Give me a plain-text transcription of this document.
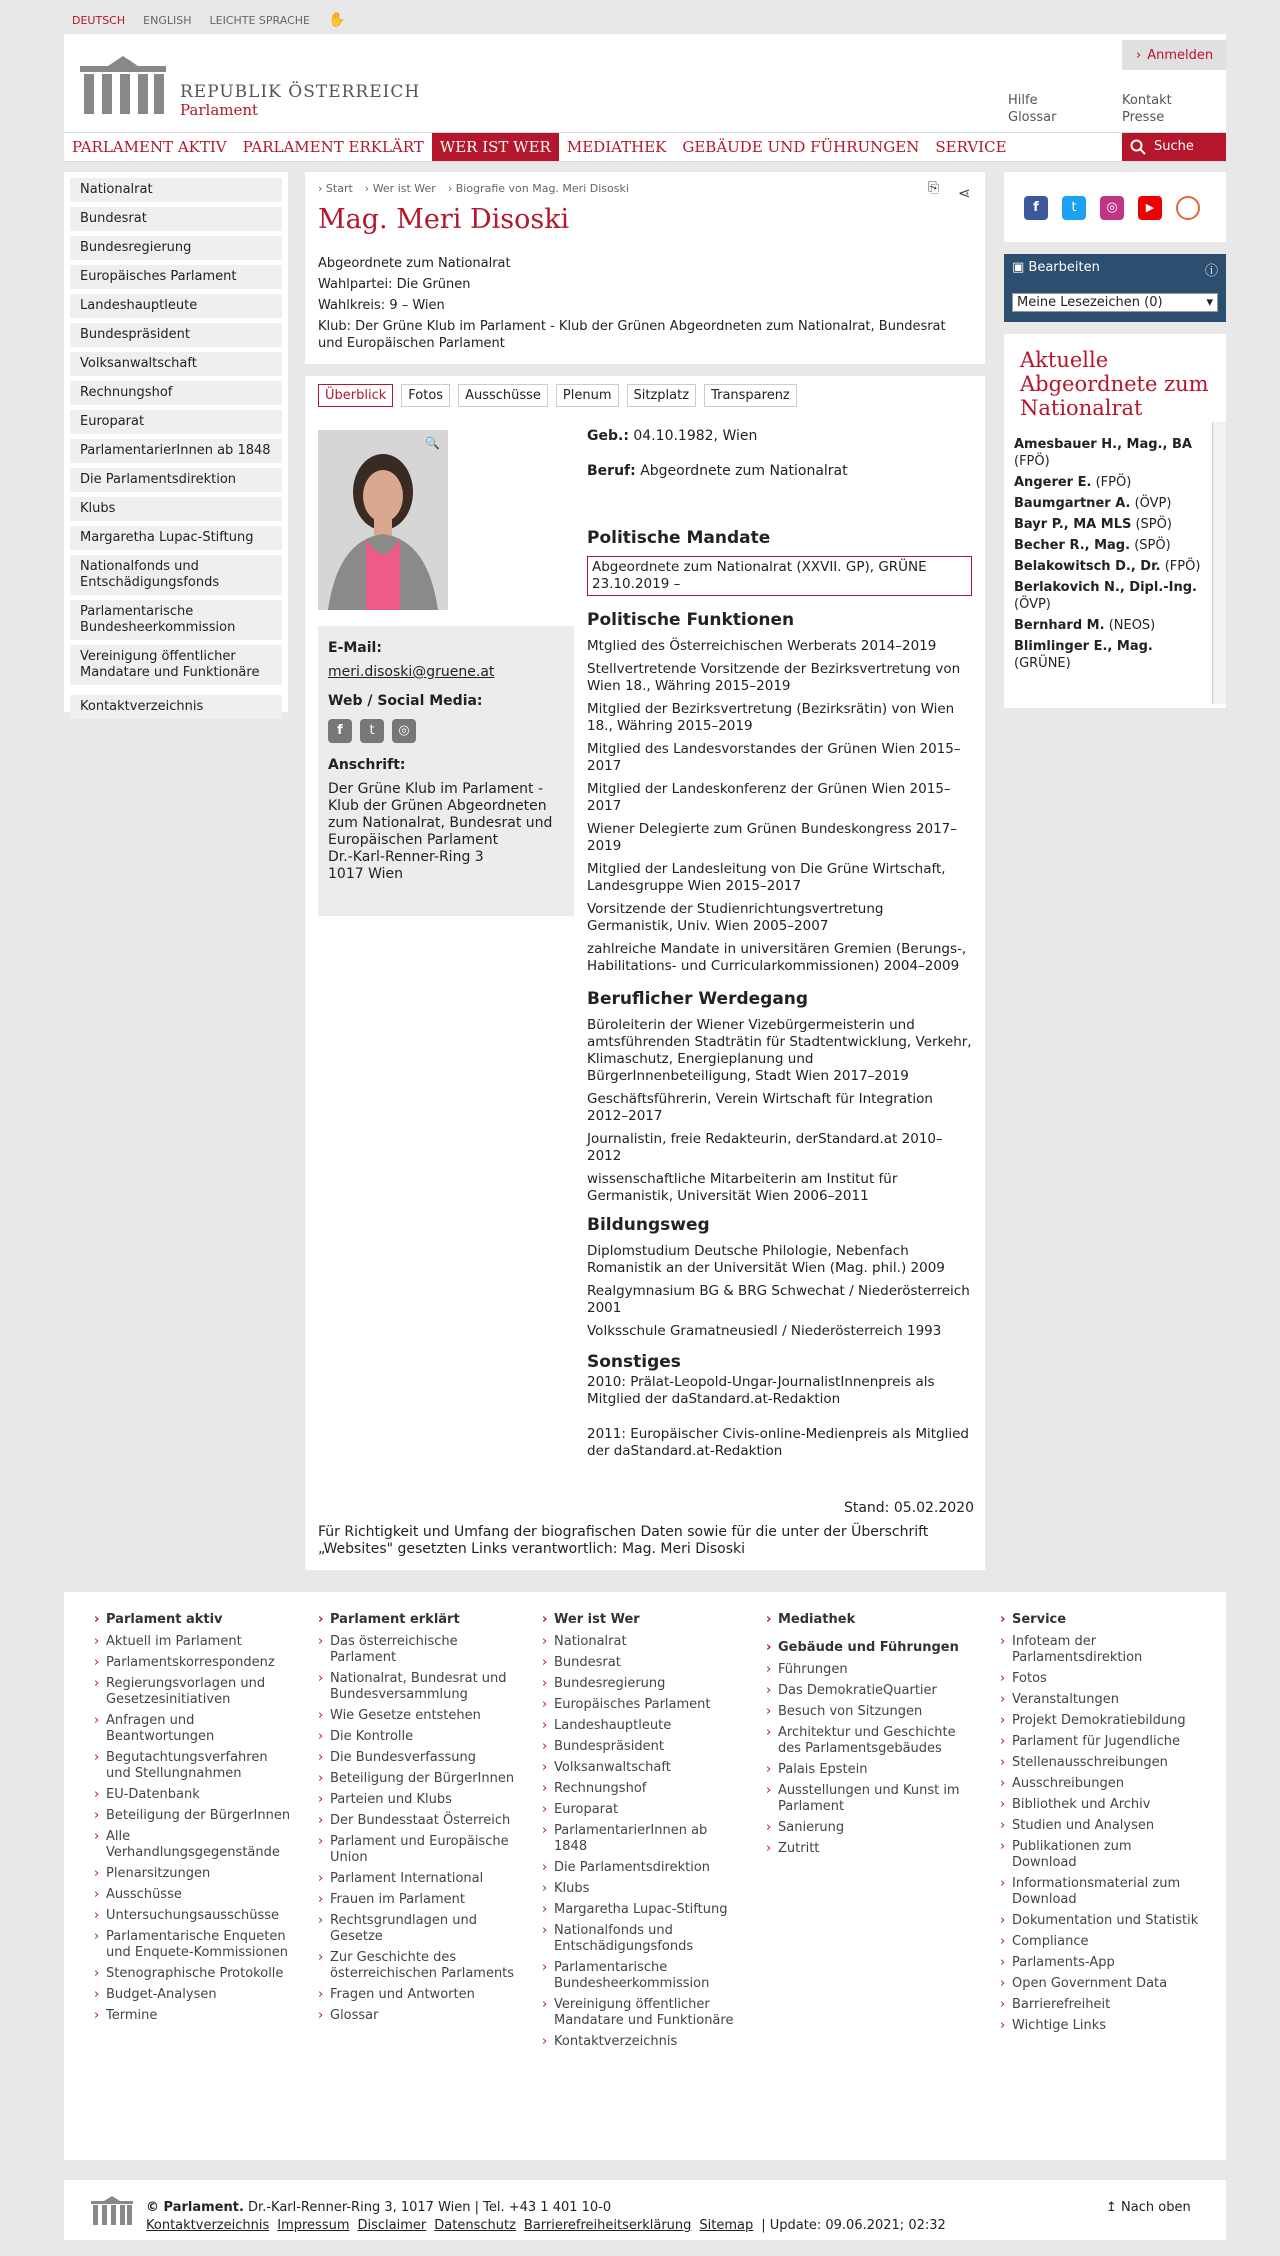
DEUTSCH ENGLISH LEICHTE SPRACHE ✋
REPUBLIK ÖSTERREICH
Parlament
› Anmelden
Hilfe
Glossar
Kontakt
Presse
PARLAMENT AKTIV	PARLAMENT ERKLÄRT	WER IST WER	MEDIATHEK	GEBÄUDE UND FÜHRUNGEN	SERVICE	Suche
Nationalrat
Bundesrat
Bundesregierung
Europäisches Parlament
Landeshauptleute
Bundespräsident
Volksanwaltschaft
Rechnungshof
Europarat
ParlamentarierInnen ab 1848
Die Parlamentsdirektion
Klubs
Margaretha Lupac-Stiftung
Nationalfonds und Entschädigungsfonds
Parlamentarische Bundesheerkommission
Vereinigung öffentlicher Mandatare und Funktionäre
Kontaktverzeichnis
› Start › Wer ist Wer › Biografie von Mag. Meri Disoski	⎘ ⋖
Mag. Meri Disoski
Abgeordnete zum Nationalrat
Wahlpartei: Die Grünen
Wahlkreis: 9 – Wien
Klub: Der Grüne Klub im Parlament - Klub der Grünen Abgeordneten zum Nationalrat, Bundesrat und Europäischen Parlament
Überblick	Fotos	Ausschüsse	Plenum	Sitzplatz	Transparenz
🔍
E-Mail:

meri.disoski@gruene.at

Web / Social Media:
f	t	◎
Anschrift:

Der Grüne Klub im Parlament - Klub der Grünen Abgeordneten zum Nationalrat, Bundesrat und Europäischen Parlament

Dr.-Karl-Renner-Ring 3

1017 Wien

Geb.: 04.10.1982, Wien

Beruf: Abgeordnete zum Nationalrat

Politische Mandate

Abgeordnete zum Nationalrat (XXVII. GP), GRÜNE 23.10.2019 –

Politische Funktionen

Mtglied des Österreichischen Werberats 2014–2019

Stellvertretende Vorsitzende der Bezirksvertretung von Wien 18., Währing 2015–2019

Mitglied der Bezirksvertretung (Bezirksrätin) von Wien 18., Währing 2015–2019

Mitglied des Landesvorstandes der Grünen Wien 2015–2017

Mitglied der Landeskonferenz der Grünen Wien 2015–2017

Wiener Delegierte zum Grünen Bundeskongress 2017–2019

Mitglied der Landesleitung von Die Grüne Wirtschaft, Landesgruppe Wien 2015–2017

Vorsitzende der Studienrichtungsvertretung Germanistik, Univ. Wien 2005–2007

zahlreiche Mandate in universitären Gremien (Berungs-, Habilitations- und Curricularkommissionen) 2004–2009

Beruflicher Werdegang

Büroleiterin der Wiener Vizebürgermeisterin und amtsführenden Stadträtin für Stadtentwicklung, Verkehr, Klimaschutz, Energieplanung und BürgerInnenbeteiligung, Stadt Wien 2017–2019

Geschäftsführerin, Verein Wirtschaft für Integration 2012–2017

Journalistin, freie Redakteurin, derStandard.at 2010–2012

wissenschaftliche Mitarbeiterin am Institut für Germanistik, Universität Wien 2006–2011

Bildungsweg

Diplomstudium Deutsche Philologie, Nebenfach Romanistik an der Universität Wien (Mag. phil.) 2009

Realgymnasium BG & BRG Schwechat / Niederösterreich 2001

Volksschule Gramatneusiedl / Niederösterreich 1993

Sonstiges

2010: Prälat-Leopold-Ungar-JournalistInnenpreis als Mitglied der daStandard.at-Redaktion

2011: Europäischer Civis-online-Medienpreis als Mitglied der daStandard.at-Redaktion

Stand: 05.02.2020
Für Richtigkeit und Umfang der biografischen Daten sowie für die unter der Überschrift „Websites" gesetzten Links verantwortlich: Mag. Meri Disoski
f	t	◎	▶
▣ Bearbeiten	ⓘ
Meine Lesezeichen (0)	▾
Aktuelle Abgeordnete zum Nationalrat
Amesbauer H., Mag., BA (FPÖ)
Angerer E. (FPÖ)
Baumgartner A. (ÖVP)
Bayr P., MA MLS (SPÖ)
Becher R., Mag. (SPÖ)
Belakowitsch D., Dr. (FPÖ)
Berlakovich N., Dipl.-Ing. (ÖVP)
Bernhard M. (NEOS)
Blimlinger E., Mag. (GRÜNE)
› Parlament aktiv
› Aktuell im Parlament
› Parlamentskorrespondenz
› Regierungsvorlagen und Gesetzesinitiativen
› Anfragen und Beantwortungen
› Begutachtungsverfahren und Stellungnahmen
› EU-Datenbank
› Beteiligung der BürgerInnen
› Alle Verhandlungsgegenstände
› Plenarsitzungen
› Ausschüsse
› Untersuchungsausschüsse
› Parlamentarische Enqueten und Enquete-Kommissionen
› Stenographische Protokolle
› Budget-Analysen
› Termine
› Parlament erklärt
› Das österreichische Parlament
› Nationalrat, Bundesrat und Bundesversammlung
› Wie Gesetze entstehen
› Die Kontrolle
› Die Bundesverfassung
› Beteiligung der BürgerInnen
› Parteien und Klubs
› Der Bundesstaat Österreich
› Parlament und Europäische Union
› Parlament International
› Frauen im Parlament
› Rechtsgrundlagen und Gesetze
› Zur Geschichte des österreichischen Parlaments
› Fragen und Antworten
› Glossar
› Wer ist Wer
› Nationalrat
› Bundesrat
› Bundesregierung
› Europäisches Parlament
› Landeshauptleute
› Bundespräsident
› Volksanwaltschaft
› Rechnungshof
› Europarat
› ParlamentarierInnen ab 1848
› Die Parlamentsdirektion
› Klubs
› Margaretha Lupac-Stiftung
› Nationalfonds und Entschädigungsfonds
› Parlamentarische Bundesheerkommission
› Vereinigung öffentlicher Mandatare und Funktionäre
› Kontaktverzeichnis
› Mediathek
› Gebäude und Führungen
› Führungen
› Das DemokratieQuartier
› Besuch von Sitzungen
› Architektur und Geschichte des Parlamentsgebäudes
› Palais Epstein
› Ausstellungen und Kunst im Parlament
› Sanierung
› Zutritt
› Service
› Infoteam der Parlamentsdirektion
› Fotos
› Veranstaltungen
› Projekt Demokratiebildung
› Parlament für Jugendliche
› Stellenausschreibungen
› Ausschreibungen
› Bibliothek und Archiv
› Studien und Analysen
› Publikationen zum Download
› Informationsmaterial zum Download
› Dokumentation und Statistik
› Compliance
› Parlaments-App
› Open Government Data
› Barrierefreiheit
› Wichtige Links
© Parlament. Dr.-Karl-Renner-Ring 3, 1017 Wien | Tel. +43 1 401 10-0
Kontaktverzeichnis Impressum Disclaimer Datenschutz Barrierefreiheitserklärung Sitemap | Update: 09.06.2021; 02:32
↥ Nach oben
